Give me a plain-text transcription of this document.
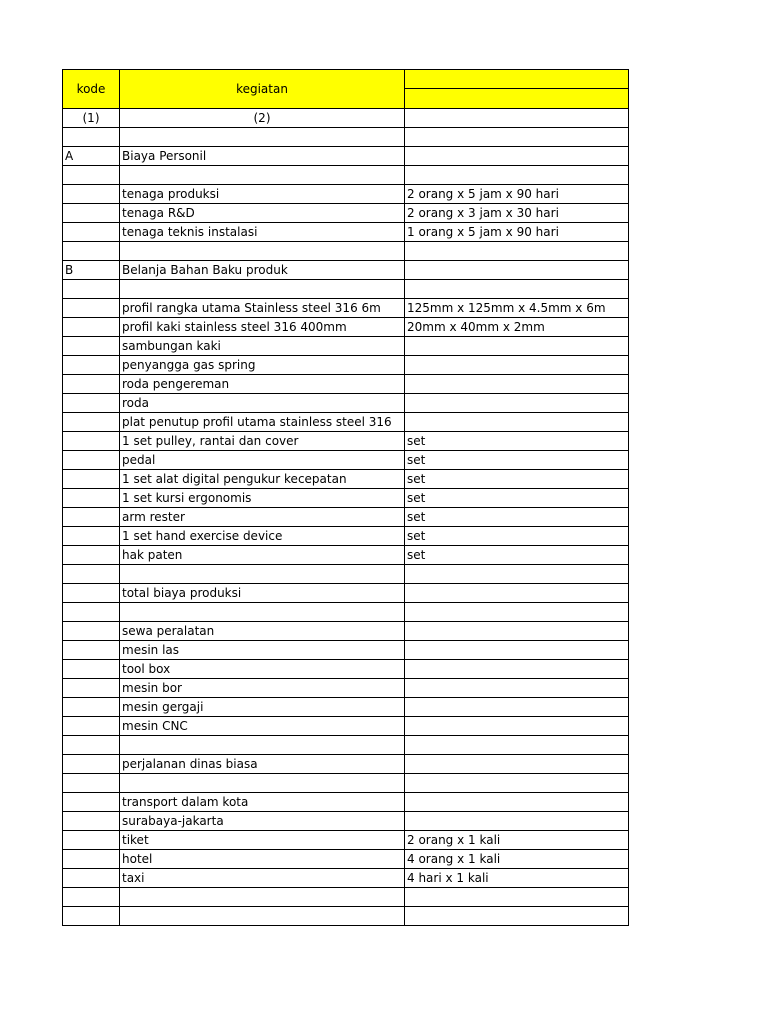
kode	kegiatan	

(1)	(2)	

A	Biaya Personil	

	tenaga produksi	2 orang x 5 jam x 90 hari
	tenaga R&D	2 orang x 3 jam x 30 hari
	tenaga teknis instalasi	1 orang x 5 jam x 90 hari

B	Belanja Bahan Baku produk	

	profil rangka utama Stainless steel 316 6m	125mm x 125mm x 4.5mm x 6m
	profil kaki stainless steel 316 400mm	20mm x 40mm x 2mm
	sambungan kaki	
	penyangga gas spring	
	roda pengereman	
	roda	
	plat penutup profil utama stainless steel 316	
	1 set pulley, rantai dan cover	set
	pedal	set
	1 set alat digital pengukur kecepatan	set
	1 set kursi ergonomis	set
	arm rester	set
	1 set hand exercise device	set
	hak paten	set

	total biaya produksi	

	sewa peralatan	
	mesin las	
	tool box	
	mesin bor	
	mesin gergaji	
	mesin CNC	

	perjalanan dinas biasa	

	transport dalam kota	
	surabaya-jakarta	
	tiket	2 orang x 1 kali
	hotel	4 orang x 1 kali
	taxi	4 hari x 1 kali
